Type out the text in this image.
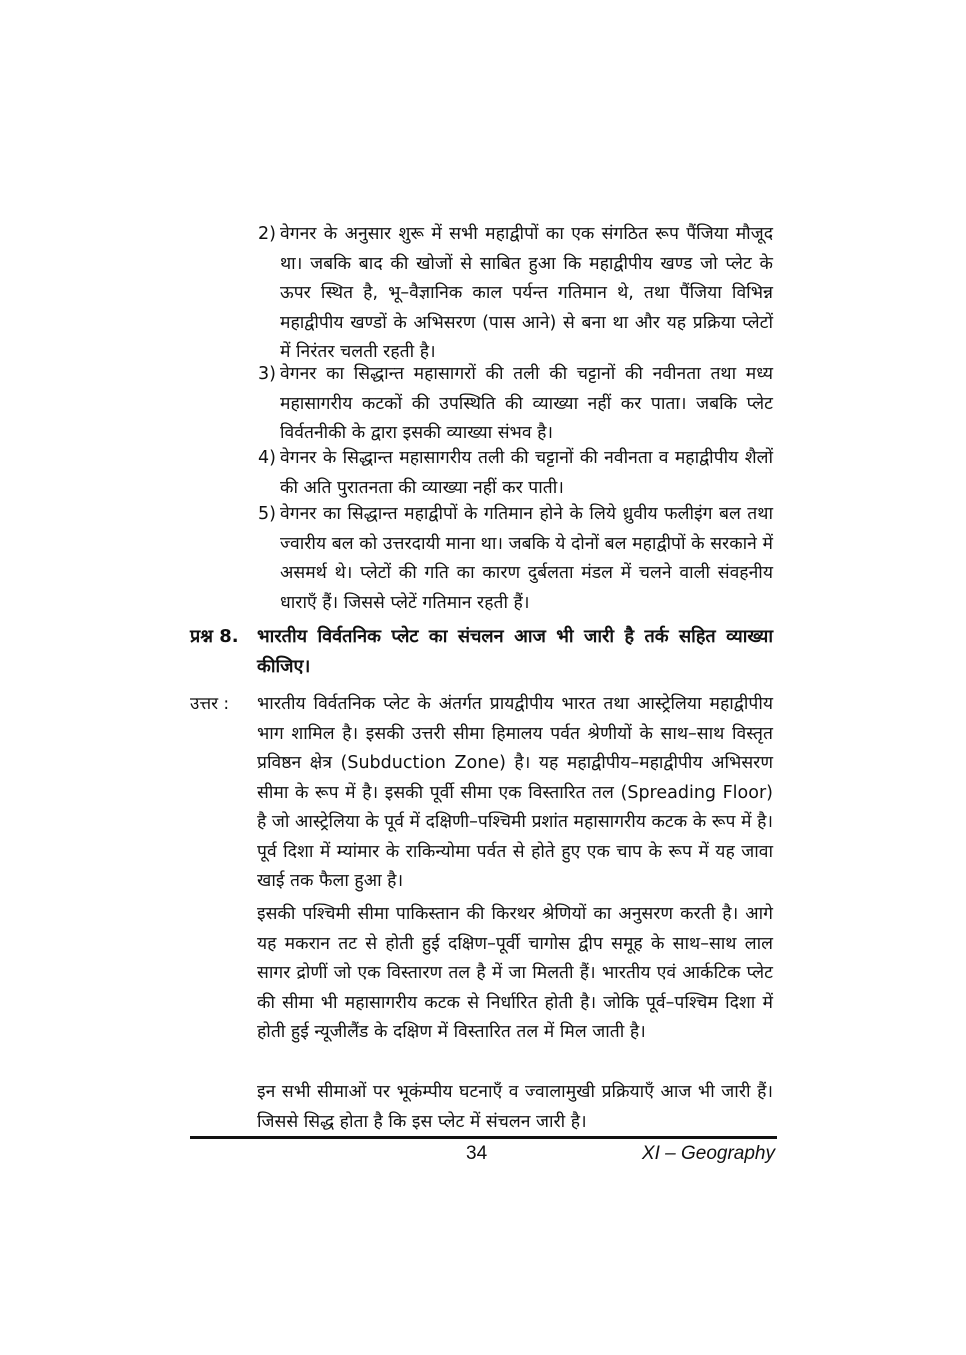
2) वेगनर के अनुसार शुरू में सभी महाद्वीपों का एक संगठित रूप पैंजिया मौजूद था। जबकि बाद की खोजों से साबित हुआ कि महाद्वीपीय खण्ड जो प्लेट के ऊपर स्थित है, भू–वैज्ञानिक काल पर्यन्त गतिमान थे, तथा पैंजिया विभिन्न महाद्वीपीय खण्डों के अभिसरण (पास आने) से बना था और यह प्रक्रिया प्लेटों में निरंतर चलती रहती है।

3) वेगनर का सिद्धान्त महासागरों की तली की चट्टानों की नवीनता तथा मध्य महासागरीय कटकों की उपस्थिति की व्याख्या नहीं कर पाता। जबकि प्लेट विर्वतनीकी के द्वारा इसकी व्याख्या संभव है।

4) वेगनर के सिद्धान्त महासागरीय तली की चट्टानों की नवीनता व महाद्वीपीय शैलों की अति पुरातनता की व्याख्या नहीं कर पाती।

5) वेगनर का सिद्धान्त महाद्वीपों के गतिमान होने के लिये ध्रुवीय फलीइंग बल तथा ज्वारीय बल को उत्तरदायी माना था। जबकि ये दोनों बल महाद्वीपों के सरकाने में असमर्थ थे। प्लेटों की गति का कारण दुर्बलता मंडल में चलने वाली संवहनीय धाराएँ हैं। जिससे प्लेटें गतिमान रहती हैं।

प्रश्न 8. भारतीय विर्वतनिक प्लेट का संचलन आज भी जारी है तर्क सहित व्याख्या कीजिए।

उत्तर : भारतीय विर्वतनिक प्लेट के अंतर्गत प्रायद्वीपीय भारत तथा आस्ट्रेलिया महाद्वीपीय भाग शामिल है। इसकी उत्तरी सीमा हिमालय पर्वत श्रेणीयों के साथ–साथ विस्तृत प्रविष्ठन क्षेत्र (Subduction Zone) है। यह महाद्वीपीय–महाद्वीपीय अभिसरण सीमा के रूप में है। इसकी पूर्वी सीमा एक विस्तारित तल (Spreading Floor) है जो आस्ट्रेलिया के पूर्व में दक्षिणी–पश्चिमी प्रशांत महासागरीय कटक के रूप में है। पूर्व दिशा में म्यांमार के राकिन्योमा पर्वत से होते हुए एक चाप के रूप में यह जावा खाई तक फैला हुआ है।

इसकी पश्चिमी सीमा पाकिस्तान की किरथर श्रेणियों का अनुसरण करती है। आगे यह मकरान तट से होती हुई दक्षिण–पूर्वी चागोस द्वीप समूह के साथ–साथ लाल सागर द्रोणीं जो एक विस्तारण तल है में जा मिलती हैं। भारतीय एवं आर्कटिक प्लेट की सीमा भी महासागरीय कटक से निर्धारित होती है। जोकि पूर्व–पश्चिम दिशा में होती हुई न्यूजीलैंड के दक्षिण में विस्तारित तल में मिल जाती है।

इन सभी सीमाओं पर भूकंम्पीय घटनाएँ व ज्वालामुखी प्रक्रियाएँ आज भी जारी हैं। जिससे सिद्ध होता है कि इस प्लेट में संचलन जारी है।

34	XI – Geography
